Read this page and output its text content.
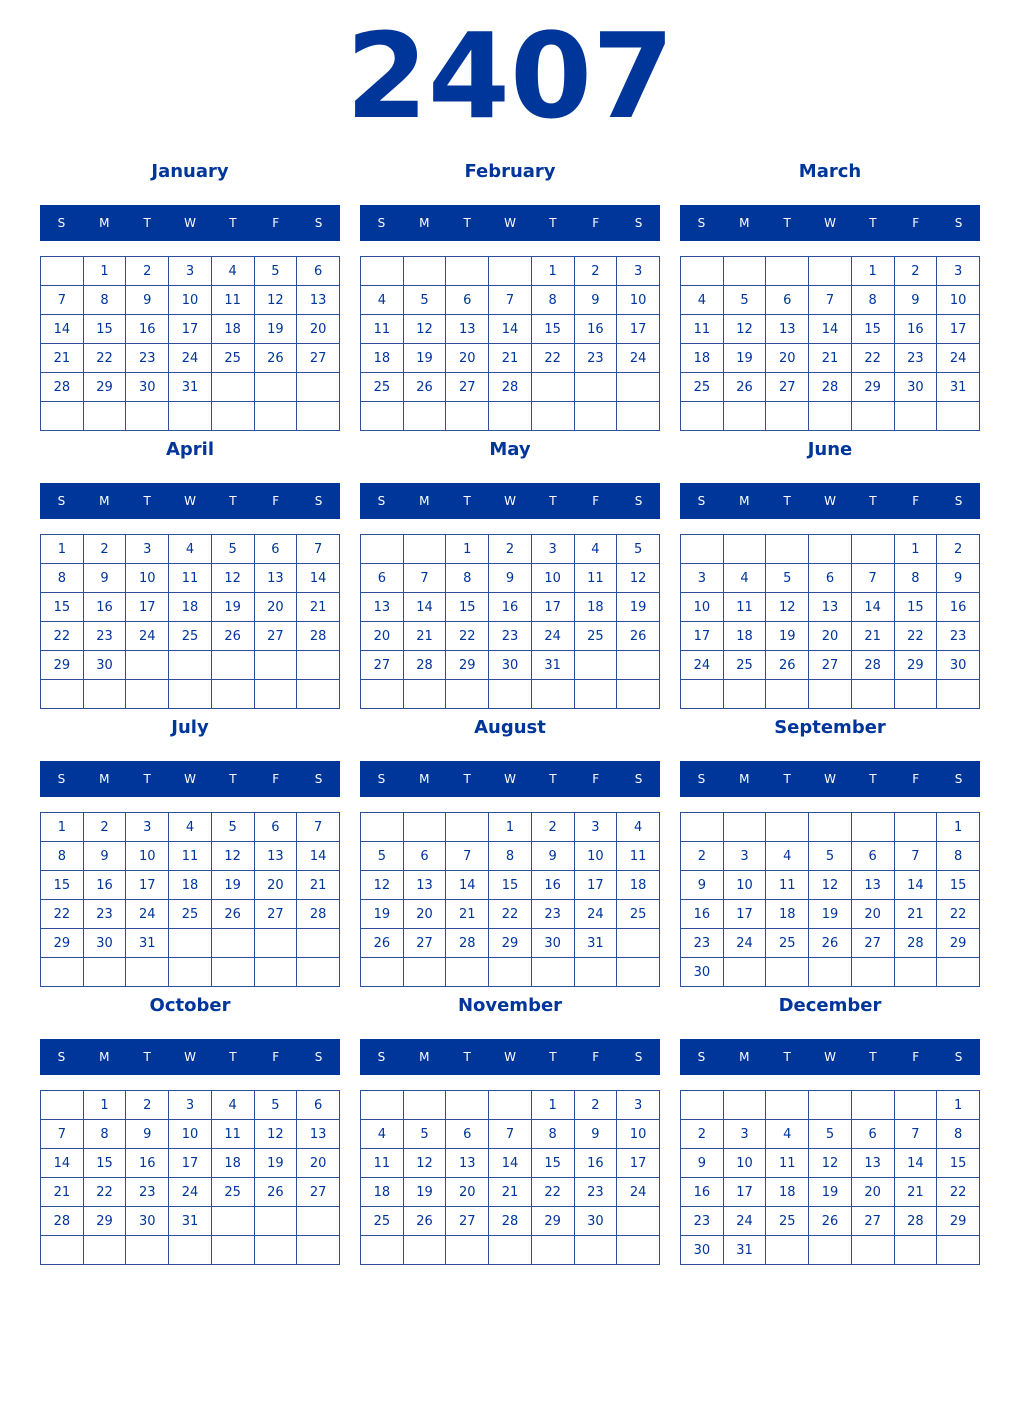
2407
January
S	M	T	W	T	F	S
	1	2	3	4	5	6
7	8	9	10	11	12	13
14	15	16	17	18	19	20
21	22	23	24	25	26	27
28	29	30	31			

February
S	M	T	W	T	F	S
				1	2	3
4	5	6	7	8	9	10
11	12	13	14	15	16	17
18	19	20	21	22	23	24
25	26	27	28			

March
S	M	T	W	T	F	S
				1	2	3
4	5	6	7	8	9	10
11	12	13	14	15	16	17
18	19	20	21	22	23	24
25	26	27	28	29	30	31

April
S	M	T	W	T	F	S
1	2	3	4	5	6	7
8	9	10	11	12	13	14
15	16	17	18	19	20	21
22	23	24	25	26	27	28
29	30					

May
S	M	T	W	T	F	S
		1	2	3	4	5
6	7	8	9	10	11	12
13	14	15	16	17	18	19
20	21	22	23	24	25	26
27	28	29	30	31		

June
S	M	T	W	T	F	S
					1	2
3	4	5	6	7	8	9
10	11	12	13	14	15	16
17	18	19	20	21	22	23
24	25	26	27	28	29	30

July
S	M	T	W	T	F	S
1	2	3	4	5	6	7
8	9	10	11	12	13	14
15	16	17	18	19	20	21
22	23	24	25	26	27	28
29	30	31				

August
S	M	T	W	T	F	S
			1	2	3	4
5	6	7	8	9	10	11
12	13	14	15	16	17	18
19	20	21	22	23	24	25
26	27	28	29	30	31	

September
S	M	T	W	T	F	S
						1
2	3	4	5	6	7	8
9	10	11	12	13	14	15
16	17	18	19	20	21	22
23	24	25	26	27	28	29
30						
October
S	M	T	W	T	F	S
	1	2	3	4	5	6
7	8	9	10	11	12	13
14	15	16	17	18	19	20
21	22	23	24	25	26	27
28	29	30	31			

November
S	M	T	W	T	F	S
				1	2	3
4	5	6	7	8	9	10
11	12	13	14	15	16	17
18	19	20	21	22	23	24
25	26	27	28	29	30	

December
S	M	T	W	T	F	S
						1
2	3	4	5	6	7	8
9	10	11	12	13	14	15
16	17	18	19	20	21	22
23	24	25	26	27	28	29
30	31					
